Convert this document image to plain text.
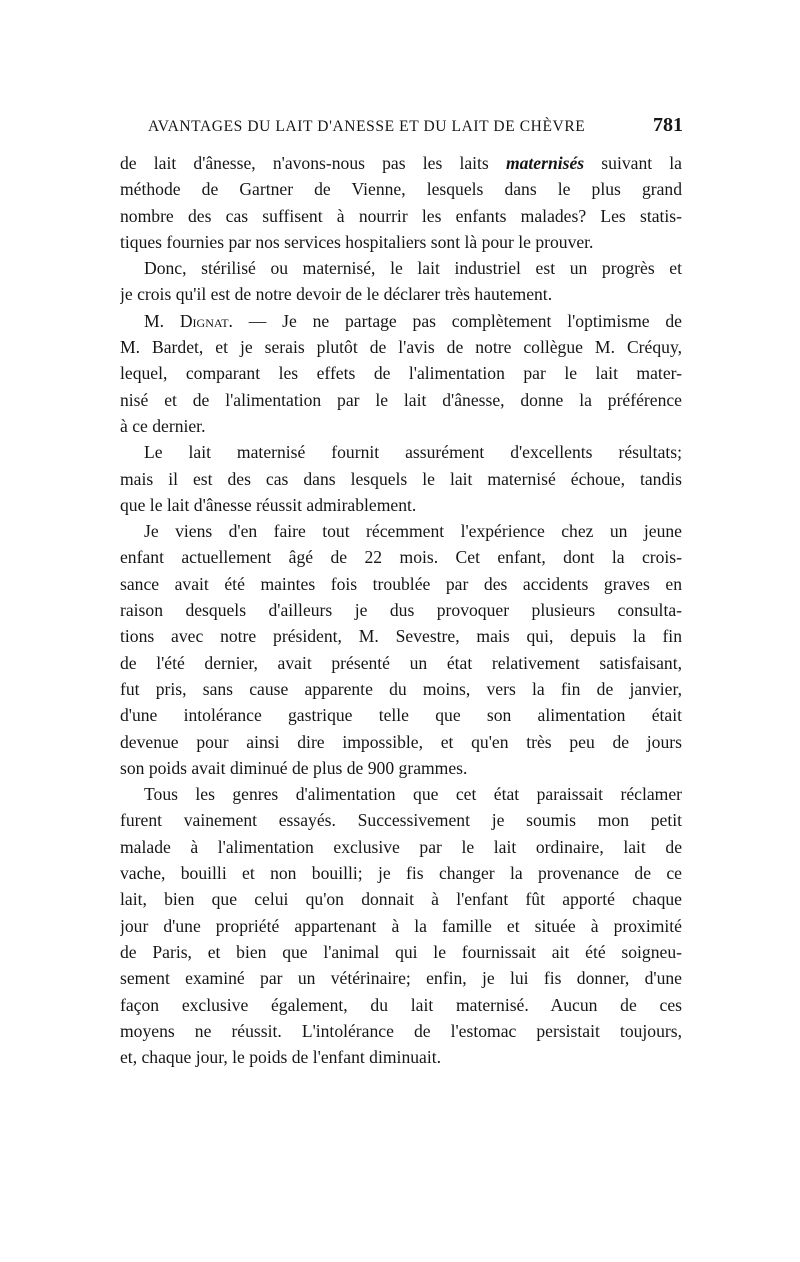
AVANTAGES DU LAIT D'ANESSE ET DU LAIT DE CHÈVRE	781
de lait d'ânesse, n'avons-nous pas les laits maternisés suivant la
méthode de Gartner de Vienne, lesquels dans le plus grand
nombre des cas suffisent à nourrir les enfants malades? Les statis-
tiques fournies par nos services hospitaliers sont là pour le prouver.
Donc, stérilisé ou maternisé, le lait industriel est un progrès et
je crois qu'il est de notre devoir de le déclarer très hautement.
M. Dignat. — Je ne partage pas complètement l'optimisme de
M. Bardet, et je serais plutôt de l'avis de notre collègue M. Créquy,
lequel, comparant les effets de l'alimentation par le lait mater-
nisé et de l'alimentation par le lait d'ânesse, donne la préférence
à ce dernier.
Le lait maternisé fournit assurément d'excellents résultats;
mais il est des cas dans lesquels le lait maternisé échoue, tandis
que le lait d'ânesse réussit admirablement.
Je viens d'en faire tout récemment l'expérience chez un jeune
enfant actuellement âgé de 22 mois. Cet enfant, dont la crois-
sance avait été maintes fois troublée par des accidents graves en
raison desquels d'ailleurs je dus provoquer plusieurs consulta-
tions avec notre président, M. Sevestre, mais qui, depuis la fin
de l'été dernier, avait présenté un état relativement satisfaisant,
fut pris, sans cause apparente du moins, vers la fin de janvier,
d'une intolérance gastrique telle que son alimentation était
devenue pour ainsi dire impossible, et qu'en très peu de jours
son poids avait diminué de plus de 900 grammes.
Tous les genres d'alimentation que cet état paraissait réclamer
furent vainement essayés. Successivement je soumis mon petit
malade à l'alimentation exclusive par le lait ordinaire, lait de
vache, bouilli et non bouilli; je fis changer la provenance de ce
lait, bien que celui qu'on donnait à l'enfant fût apporté chaque
jour d'une propriété appartenant à la famille et située à proximité
de Paris, et bien que l'animal qui le fournissait ait été soigneu-
sement examiné par un vétérinaire; enfin, je lui fis donner, d'une
façon exclusive également, du lait maternisé. Aucun de ces
moyens ne réussit. L'intolérance de l'estomac persistait toujours,
et, chaque jour, le poids de l'enfant diminuait.
